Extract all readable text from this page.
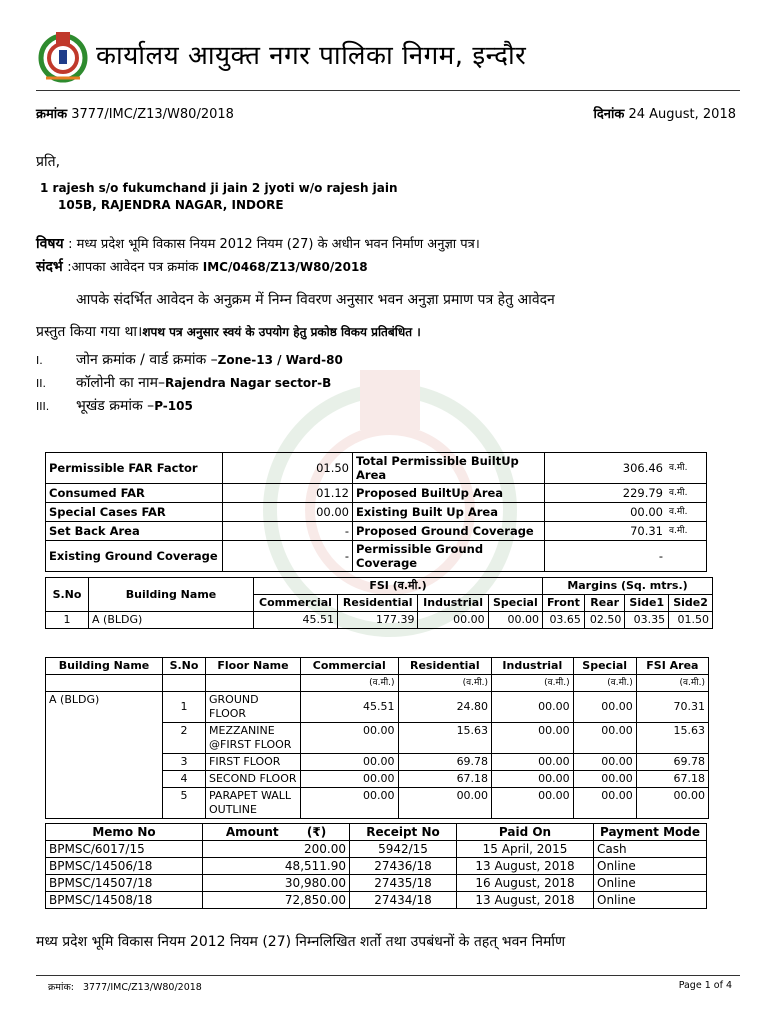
कार्यालय आयुक्त नगर पालिका निगम, इन्दौर
क्रमांक 3777/IMC/Z13/W80/2018	दिनांक 24 August, 2018
प्रति,
1 rajesh s/o fukumchand ji jain 2 jyoti w/o rajesh jain
105B, RAJENDRA NAGAR, INDORE
विषय : मध्य प्रदेश भूमि विकास नियम 2012 नियम (27) के अधीन भवन निर्माण अनुज्ञा पत्र।
संदर्भ :आपका आवेदन पत्र क्रमांक IMC/0468/Z13/W80/2018
आपके संदर्भित आवेदन के अनुक्रम में निम्न विवरण अनुसार भवन अनुज्ञा प्रमाण पत्र हेतु आवेदन
प्रस्तुत किया गया था।शपथ पत्र अनुसार स्वयं के उपयोग हेतु प्रकोष्ठ विकय प्रतिबंधित ।
I. जोन क्रमांक / वार्ड क्रमांक –Zone-13 / Ward-80
II. कॉलोनी का नाम–Rajendra Nagar sector-B
III. भूखंड क्रमांक –P-105
Permissible FAR Factor	01.50	Total Permissible BuiltUp Area	306.46	व.मी.
Consumed FAR	01.12	Proposed BuiltUp Area	229.79	व.मी.
Special Cases FAR	00.00	Existing Built Up Area	00.00	व.मी.
Set Back Area	-	Proposed Ground Coverage	70.31	व.मी.
Existing Ground Coverage	-	Permissible Ground Coverage	-	
S.No	Building Name	FSI (व.मी.)				Margins (Sq. mtrs.)			
		Commercial	Residential	Industrial	Special	Front	Rear	Side1	Side2
1	A (BLDG)	45.51	177.39	00.00	00.00	03.65	02.50	03.35	01.50
Building Name	S.No	Floor Name	Commercial	Residential	Industrial	Special	FSI Area
			(व.मी.)	(व.मी.)	(व.मी.)	(व.मी.)	(व.मी.)
A (BLDG)	1	GROUND FLOOR	45.51	24.80	00.00	00.00	70.31
	2	MEZZANINE @FIRST FLOOR	00.00	15.63	00.00	00.00	15.63
	3	FIRST FLOOR	00.00	69.78	00.00	00.00	69.78
	4	SECOND FLOOR	00.00	67.18	00.00	00.00	67.18
	5	PARAPET WALL OUTLINE	00.00	00.00	00.00	00.00	00.00
Memo No	Amount (₹)	Receipt No	Paid On	Payment Mode
BPMSC/6017/15	200.00	5942/15	15 April, 2015	Cash
BPMSC/14506/18	48,511.90	27436/18	13 August, 2018	Online
BPMSC/14507/18	30,980.00	27435/18	16 August, 2018	Online
BPMSC/14508/18	72,850.00	27434/18	13 August, 2018	Online
मध्य प्रदेश भूमि विकास नियम 2012 नियम (27) निम्नलिखित शर्तो तथा उपबंधनों के तहत् भवन निर्माण
क्रमांक: 3777/IMC/Z13/W80/2018	Page 1 of 4
